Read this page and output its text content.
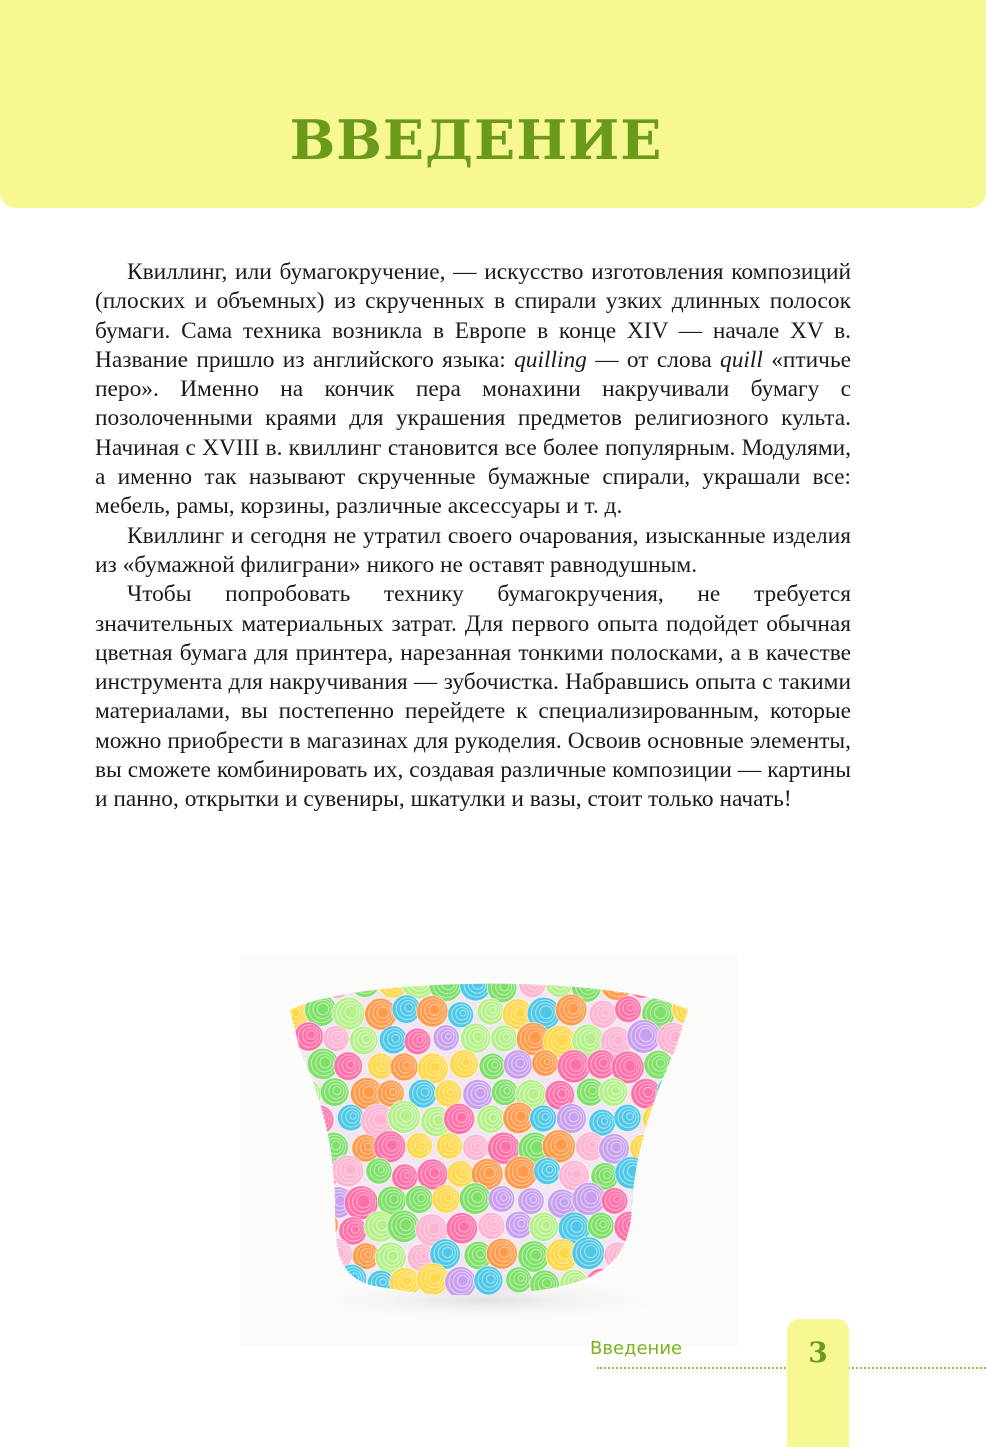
ВВЕДЕНИЕ

Квиллинг, или бумагокручение, — искусство изготовления композиций (плоских и объемных) из скрученных в спирали узких длинных полосок бумаги. Сама техника возникла в Европе в конце XIV — начале XV в. Название пришло из английского языка: quilling — от слова quill «птичье перо». Именно на кончик пера монахини накручивали бумагу с позолоченными краями для украшения предметов религиозного культа. Начиная с XVIII в. квиллинг становится все более популярным. Модулями, а именно так называют скрученные бумажные спирали, украшали все: мебель, рамы, корзины, различные аксессуары и т. д.

Квиллинг и сегодня не утратил своего очарования, изысканные изделия из «бумажной филиграни» никого не оставят равнодушным.

Чтобы попробовать технику бумагокручения, не требуется значительных материальных затрат. Для первого опыта подойдет обычная цветная бумага для принтера, нарезанная тонкими полосками, а в качестве инструмента для накручивания — зубочистка. Набравшись опыта с такими материалами, вы постепенно перейдете к специализированным, которые можно приобрести в магазинах для рукоделия. Освоив основные элементы, вы сможете комбинировать их, создавая различные композиции — картины и панно, открытки и сувениры, шкатулки и вазы, стоит только начать!

Введение	3
